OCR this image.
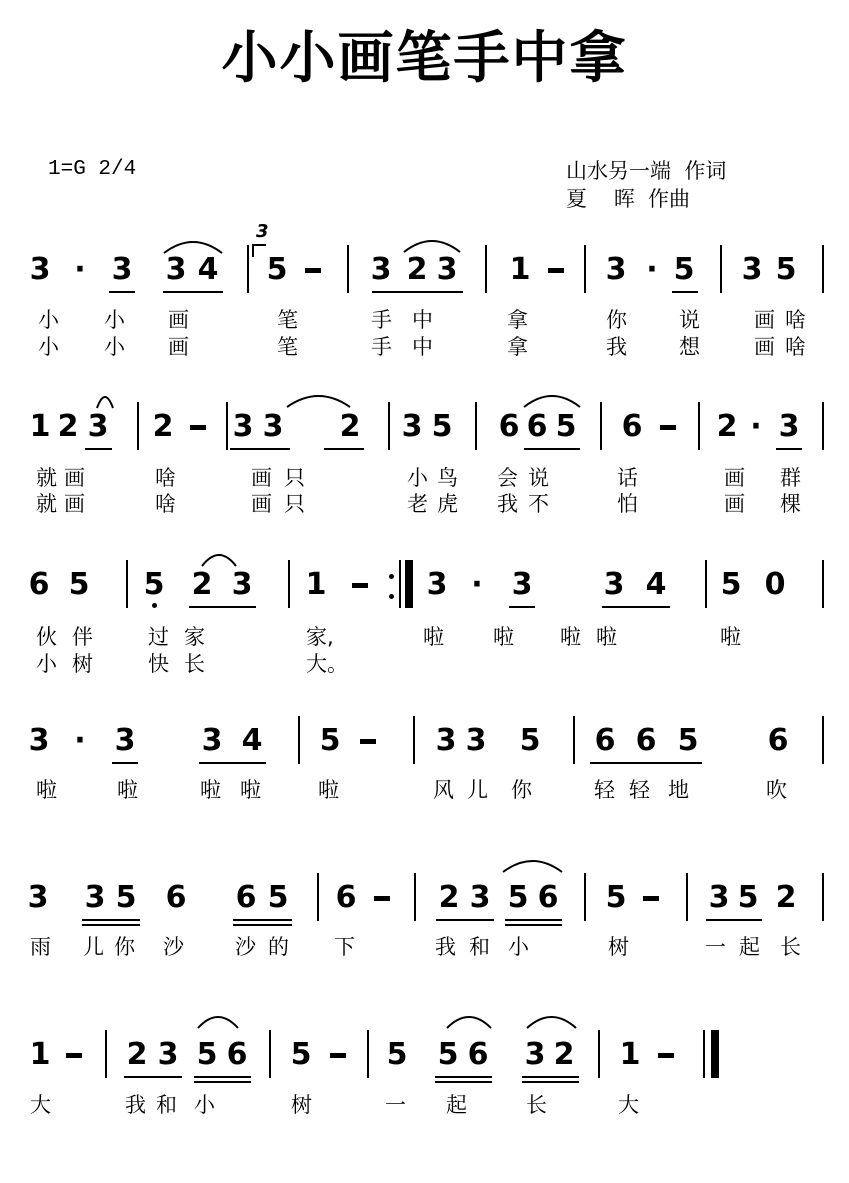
小小画笔手中拿
1=G 2/4	山水另一端  作词
夏    晖  作曲
3 · 3 3 4 5	3 2 3 1	3 · 5 3 5
小 小 画	笔	手 中	拿	你 说	画 啥
小 小 画	笔	手 中	拿	我 想	画 啥
1 2 3 2 3 3 2 3 5 6 6 5 6 2 · 3
就 画	啥	画 只	小 鸟 会 说	话	画 群
就 画	啥	画 只	老 虎 我 不	怕	画 棵
6 5 5 2 3 1	3 · 3 3 4 5 0
伙 伴	过 家	家,	啦 啦 啦 啦	啦
小 树	快 长	大。
3 · 3 3 4 5	3 3 5 6 6 5 6
啦	啦	啦 啦	啦	风 儿 你	轻 轻 地	吹
3 3 5 6 6 5 6	2 3 5 6 5	3 5 2
雨 儿 你 沙 沙 的 下	我 和 小	树	一 起 长
1	2 3 5 6 5	5 5 6 3 2 1
大	我 和 小	树	一 起	长	大
3
